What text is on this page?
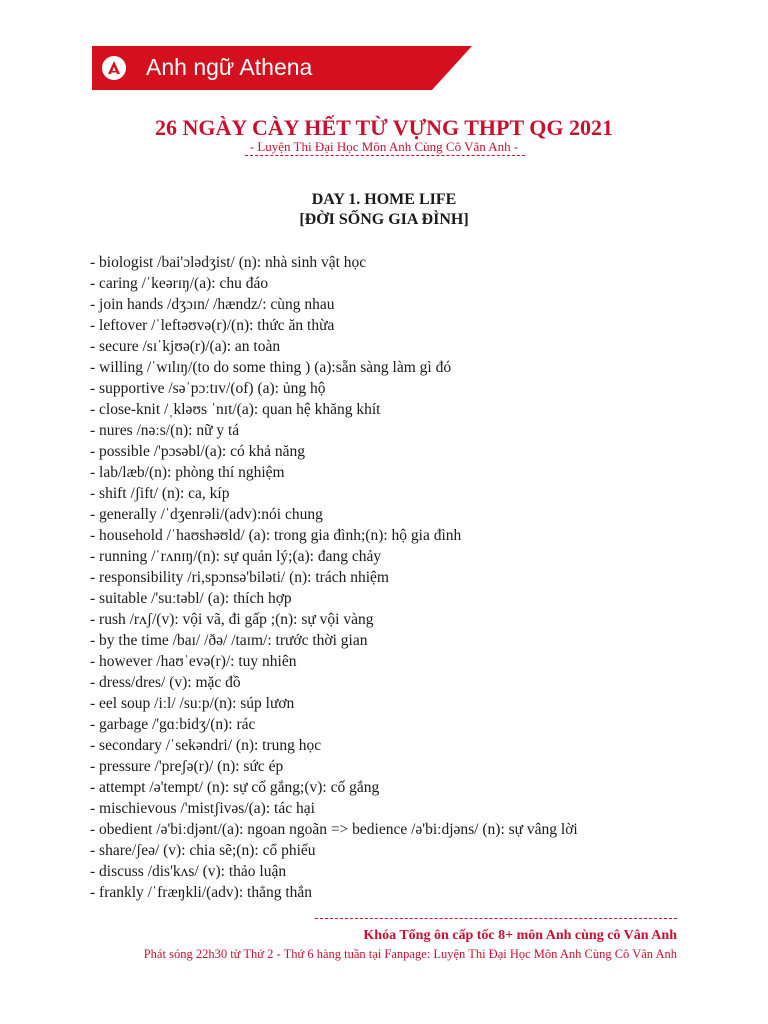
Anh ngữ Athena
26 NGÀY CÀY HẾT TỪ VỰNG THPT QG 2021
- Luyện Thi Đại Học Môn Anh Cùng Cô Vân Anh -
DAY 1. HOME LIFE
[ĐỜI SỐNG GIA ĐÌNH]
- biologist /bai'ɔlədʒist/ (n): nhà sinh vật học
- caring /ˈkeərɪŋ/(a): chu đáo
- join hands /dʒɔɪn/ /hændz/: cùng nhau
- leftover /ˈleftəʊvə(r)/(n): thức ăn thừa
- secure /sɪˈkjʊə(r)/(a): an toàn
- willing /ˈwɪlɪŋ/(to do some thing ) (a):sẵn sàng làm gì đó
- supportive /səˈpɔːtɪv/(of) (a): ủng hộ
- close-knit /ˌkləʊs ˈnɪt/(a): quan hệ khăng khít
- nures /nəːs/(n): nữ y tá
- possible /'pɔsəbl/(a): có khả năng
- lab/læb/(n): phòng thí nghiệm
- shift /ʃift/ (n): ca, kíp
- generally /ˈdʒenrəli/(adv):nói chung
- household /ˈhaʊshəʊld/ (a): trong gia đình;(n): hộ gia đình
- running /ˈrʌnɪŋ/(n): sự quản lý;(a): đang chảy
- responsibility /ri,spɔnsə'biləti/ (n): trách nhiệm
- suitable /'suːtəbl/ (a): thích hợp
- rush /rʌʃ/(v): vội vã, đi gấp ;(n): sự vội vàng
- by the time /baɪ/ /ðə/ /taɪm/: trước thời gian
- however /haʊˈevə(r)/: tuy nhiên
- dress/dres/ (v): mặc đồ
- eel soup /iːl/ /suːp/(n): súp lươn
- garbage /'gɑːbidʒ/(n): rác
- secondary /ˈsekəndri/ (n): trung học
- pressure /'preʃə(r)/ (n): sức ép
- attempt /ə'tempt/ (n): sự cố gắng;(v): cố gắng
- mischievous /'mistʃivəs/(a): tác hại
- obedient /ə'biːdjənt/(a): ngoan ngoãn => bedience /ə'biːdjəns/ (n): sự vâng lời
- share/ʃeə/ (v): chia sẽ;(n): cổ phiếu
- discuss /dis'kʌs/ (v): thảo luận
- frankly /ˈfræŋkli/(adv): thẳng thắn
Khóa Tổng ôn cấp tốc 8+ môn Anh cùng cô Vân Anh
Phát sóng 22h30 từ Thứ 2 - Thứ 6 hàng tuần tại Fanpage: Luyện Thi Đại Học Môn Anh Cùng Cô Vân Anh
